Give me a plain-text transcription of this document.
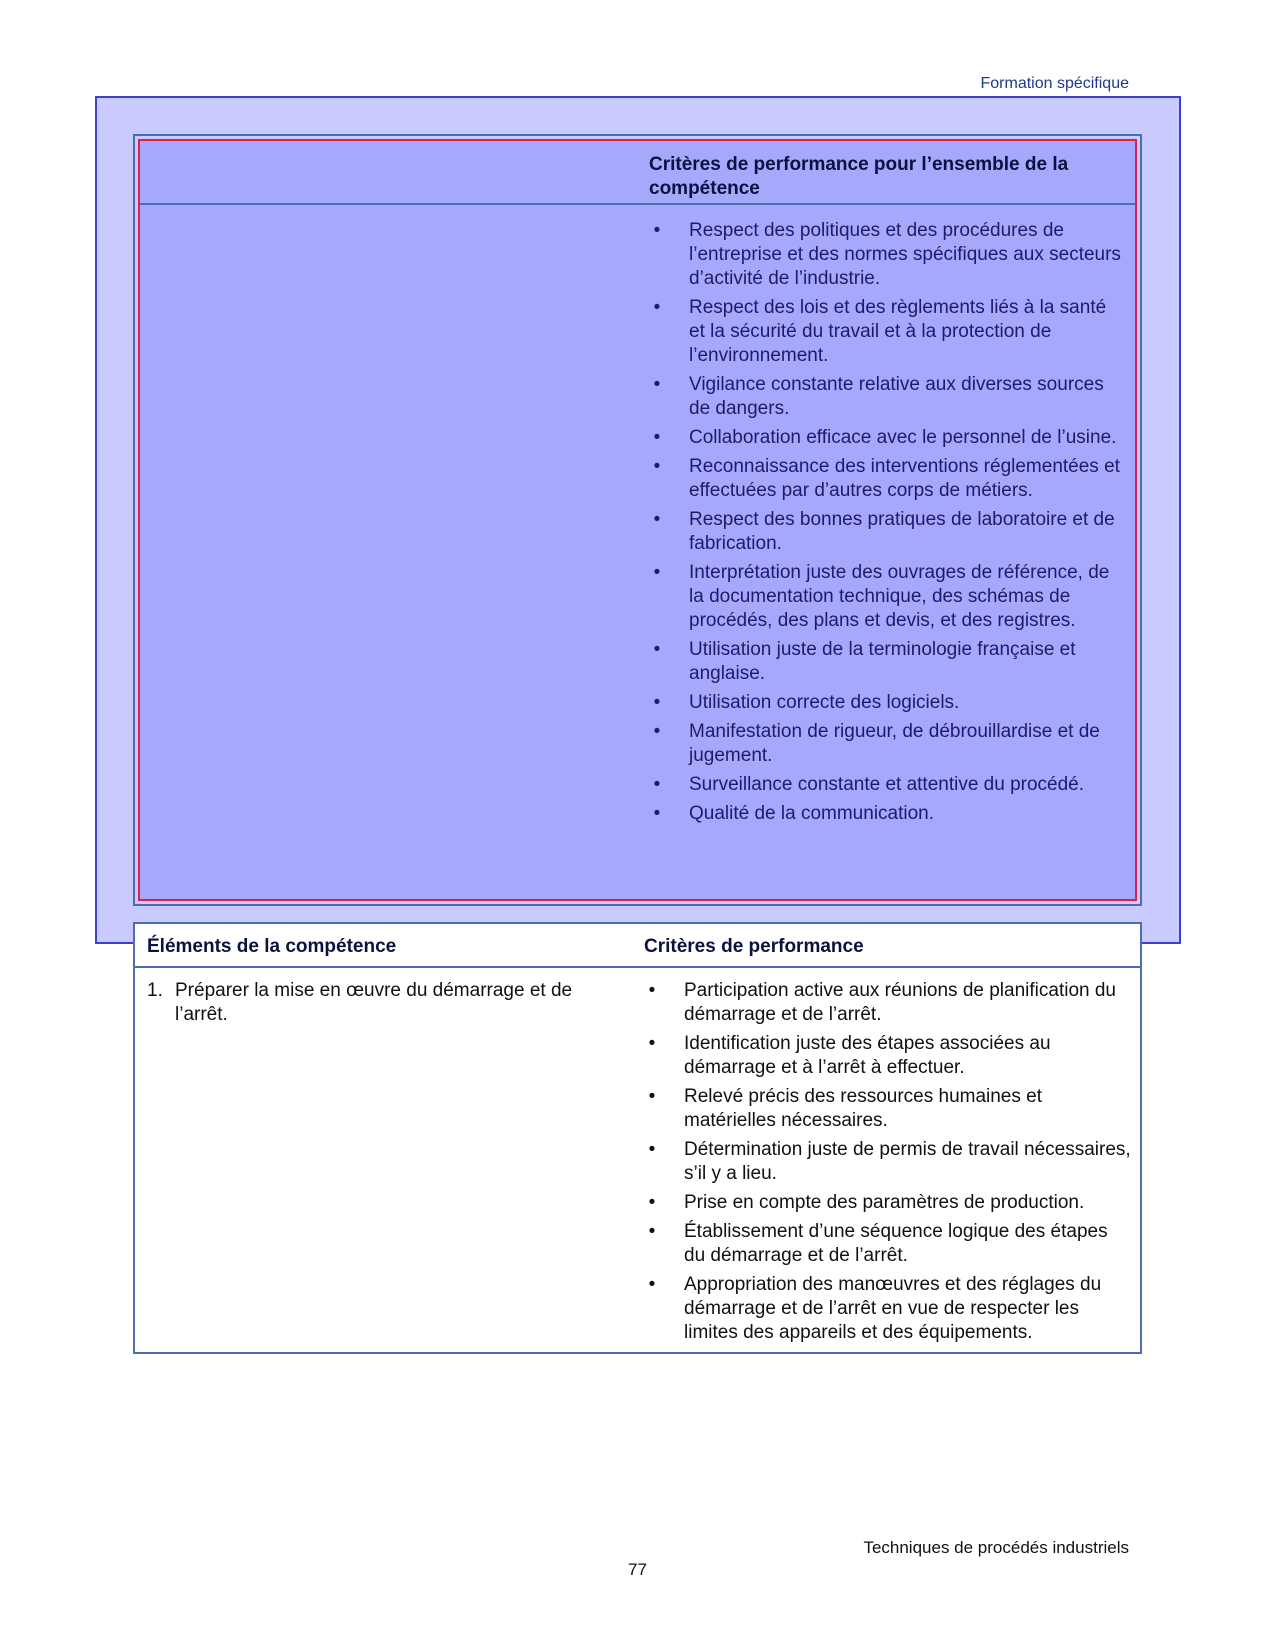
Formation spécifique
Critères de performance pour l’ensemble de la compétence
• Respect des politiques et des procédures de l’entreprise et des normes spécifiques aux secteurs d’activité de l’industrie.
• Respect des lois et des règlements liés à la santé et la sécurité du travail et à la protection de l’environnement.
• Vigilance constante relative aux diverses sources de dangers.
• Collaboration efficace avec le personnel de l’usine.
• Reconnaissance des interventions réglementées et effectuées par d’autres corps de métiers.
• Respect des bonnes pratiques de laboratoire et de fabrication.
• Interprétation juste des ouvrages de référence, de la documentation technique, des schémas de procédés, des plans et devis, et des registres.
• Utilisation juste de la terminologie française et anglaise.
• Utilisation correcte des logiciels.
• Manifestation de rigueur, de débrouillardise et de jugement.
• Surveillance constante et attentive du procédé.
• Qualité de la communication.
Éléments de la compétence	Critères de performance
1. Préparer la mise en œuvre du démarrage et de l’arrêt.
• Participation active aux réunions de planification du démarrage et de l’arrêt.
• Identification juste des étapes associées au démarrage et à l’arrêt à effectuer.
• Relevé précis des ressources humaines et matérielles nécessaires.
• Détermination juste de permis de travail nécessaires, s’il y a lieu.
• Prise en compte des paramètres de production.
• Établissement d’une séquence logique des étapes du démarrage et de l’arrêt.
• Appropriation des manœuvres et des réglages du démarrage et de l’arrêt en vue de respecter les limites des appareils et des équipements.
Techniques de procédés industriels
77
